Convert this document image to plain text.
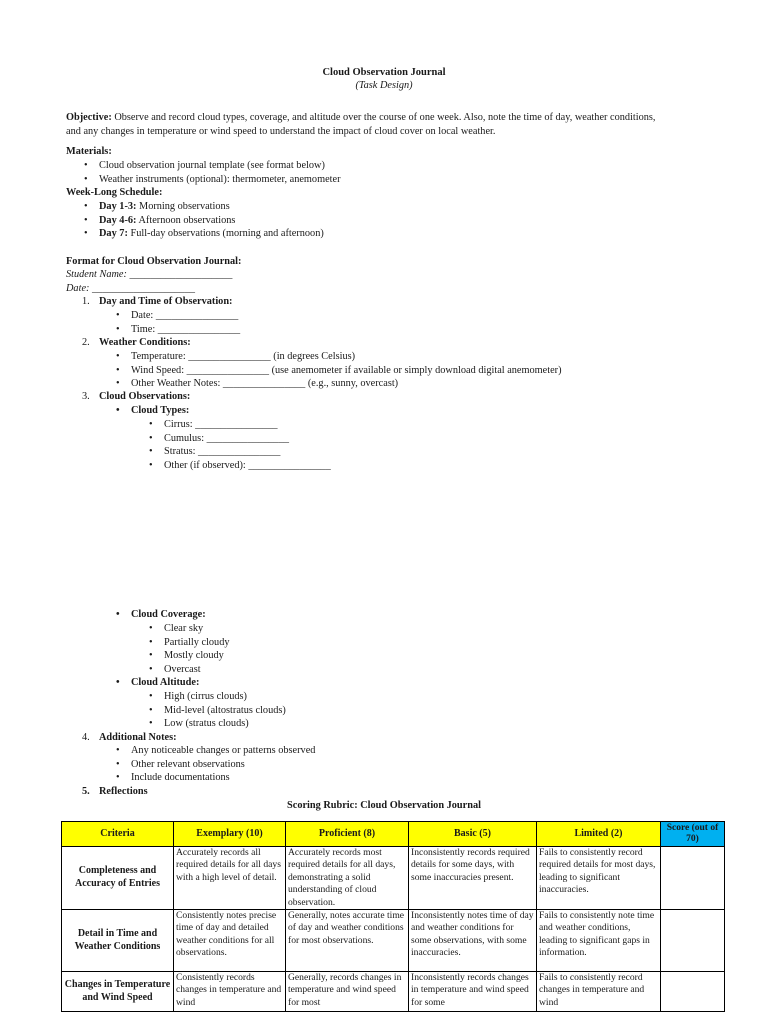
Cloud Observation Journal
(Task Design)
Objective: Observe and record cloud types, coverage, and altitude over the course of one week. Also, note the time of day, weather conditions,
and any changes in temperature or wind speed to understand the impact of cloud cover on local weather.
Materials:
• Cloud observation journal template (see format below)
• Weather instruments (optional): thermometer, anemometer
Week-Long Schedule:
• Day 1-3: Morning observations
• Day 4-6: Afternoon observations
• Day 7: Full-day observations (morning and afternoon)
Format for Cloud Observation Journal:
Student Name: ____________________
Date: ____________________
1. Day and Time of Observation:
• Date: ________________
• Time: ________________
2. Weather Conditions:
• Temperature: ________________ (in degrees Celsius)
• Wind Speed: ________________ (use anemometer if available or simply download digital anemometer)
• Other Weather Notes: ________________ (e.g., sunny, overcast)
3. Cloud Observations:
• Cloud Types:
• Cirrus: ________________
• Cumulus: ________________
• Stratus: ________________
• Other (if observed): ________________
• Cloud Coverage:
• Clear sky
• Partially cloudy
• Mostly cloudy
• Overcast
• Cloud Altitude:
• High (cirrus clouds)
• Mid-level (altostratus clouds)
• Low (stratus clouds)
4. Additional Notes:
• Any noticeable changes or patterns observed
• Other relevant observations
• Include documentations
5. Reflections
Scoring Rubric: Cloud Observation Journal
Criteria	Exemplary (10)	Proficient (8)	Basic (5)	Limited (2)	Score (out of 70)
Completeness and Accuracy of Entries	Accurately records all required details for all days with a high level of detail.	Accurately records most required details for all days, demonstrating a solid understanding of cloud observation.	Inconsistently records required details for some days, with some inaccuracies present.	Fails to consistently record required details for most days, leading to significant inaccuracies.	
Detail in Time and Weather Conditions	Consistently notes precise time of day and detailed weather conditions for all observations.	Generally, notes accurate time of day and weather conditions for most observations.	Inconsistently notes time of day and weather conditions for some observations, with some inaccuracies.	Fails to consistently note time and weather conditions, leading to significant gaps in information.	
Changes in Temperature and Wind Speed	Consistently records changes in temperature and wind	Generally, records changes in temperature and wind speed for most	Inconsistently records changes in temperature and wind speed for some	Fails to consistently record changes in temperature and wind	
